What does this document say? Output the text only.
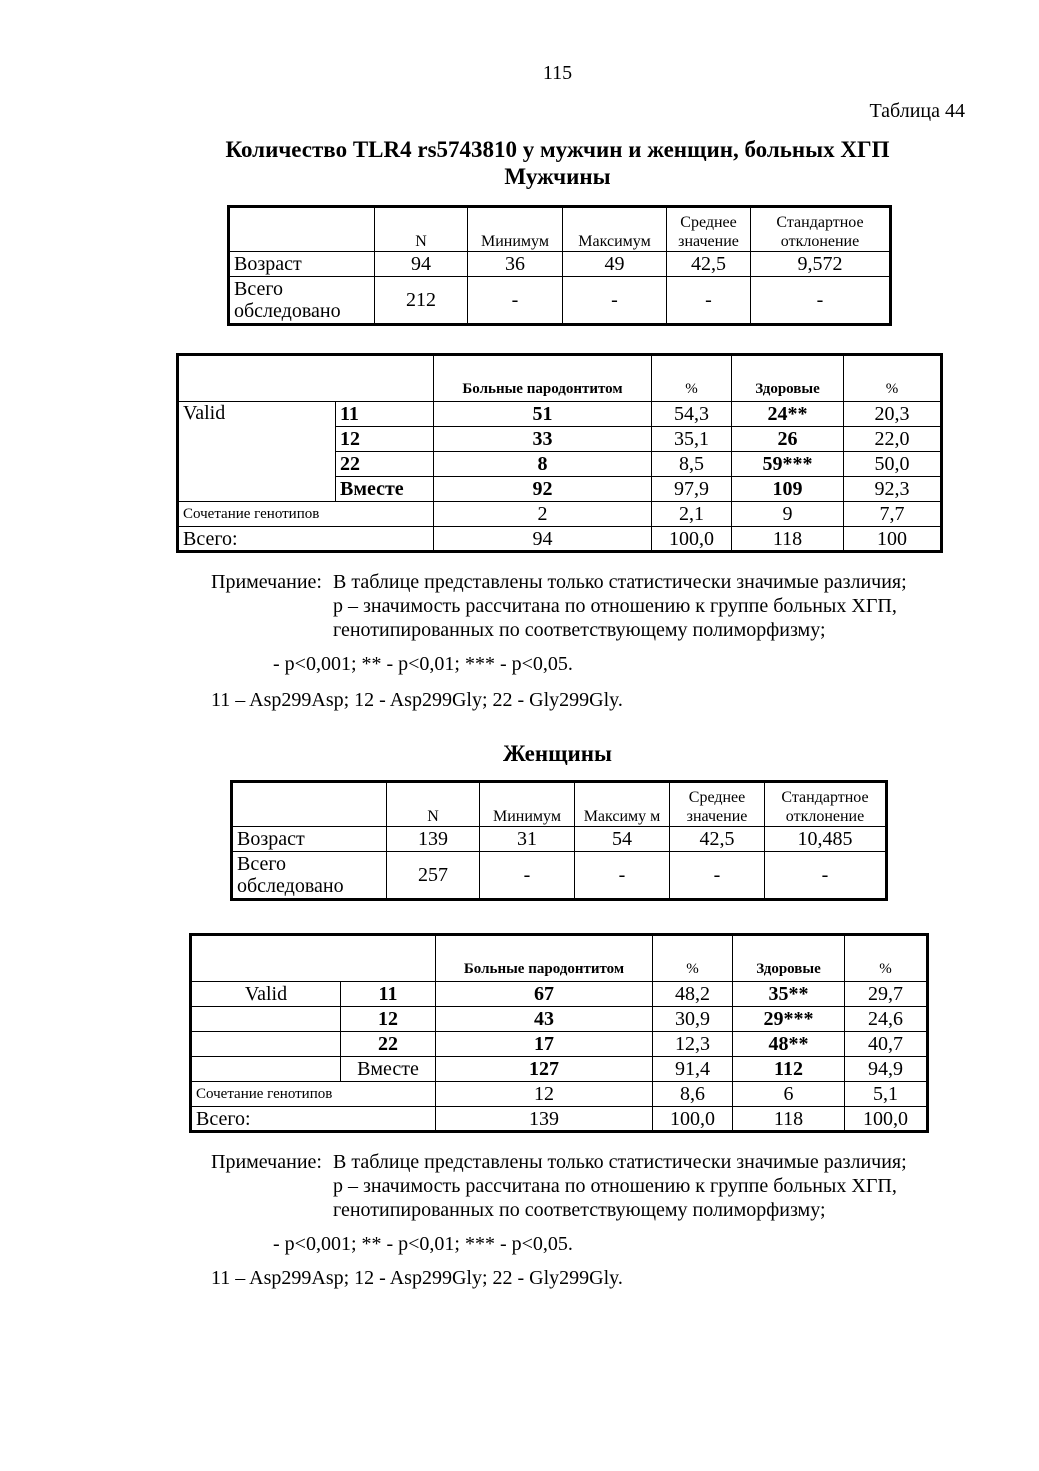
115
Таблица 44
Количество TLR4 rs5743810 у мужчин и женщин, больных ХГП
Мужчины
	N	Минимум	Максимум	Среднее значение	Стандартное отклонение
Возраст	94	36	49	42,5	9,572
Всего обследовано	212	-	-	-	-
		Больные пародонтитом	%	Здоровые	%
Valid	11	51	54,3	24**	20,3
	12	33	35,1	26	22,0
	22	8	8,5	59***	50,0
	Вместе	92	97,9	109	92,3
Сочетание генотипов		2	2,1	9	7,7
Всего:		94	100,0	118	100
Примечание: В таблице представлены только статистически значимые различия;
p – значимость рассчитана по отношению к группе больных ХГП,
генотипированных по соответствующему полиморфизму;
- p<0,001; ** - p<0,01; *** - p<0,05.
11 – Asp299Asp; 12 - Asp299Gly; 22 - Gly299Gly.
Женщины
	N	Минимум	Максиму м	Среднее значение	Стандартное отклонение
Возраст	139	31	54	42,5	10,485
Всего обследовано	257	-	-	-	-
		Больные пародонтитом	%	Здоровые	%
Valid	11	67	48,2	35**	29,7
	12	43	30,9	29***	24,6
	22	17	12,3	48**	40,7
	Вместе	127	91,4	112	94,9
Сочетание генотипов		12	8,6	6	5,1
Всего:		139	100,0	118	100,0
Примечание: В таблице представлены только статистически значимые различия;
p – значимость рассчитана по отношению к группе больных ХГП,
генотипированных по соответствующему полиморфизму;
- p<0,001; ** - p<0,01; *** - p<0,05.
11 – Asp299Asp; 12 - Asp299Gly; 22 - Gly299Gly.
